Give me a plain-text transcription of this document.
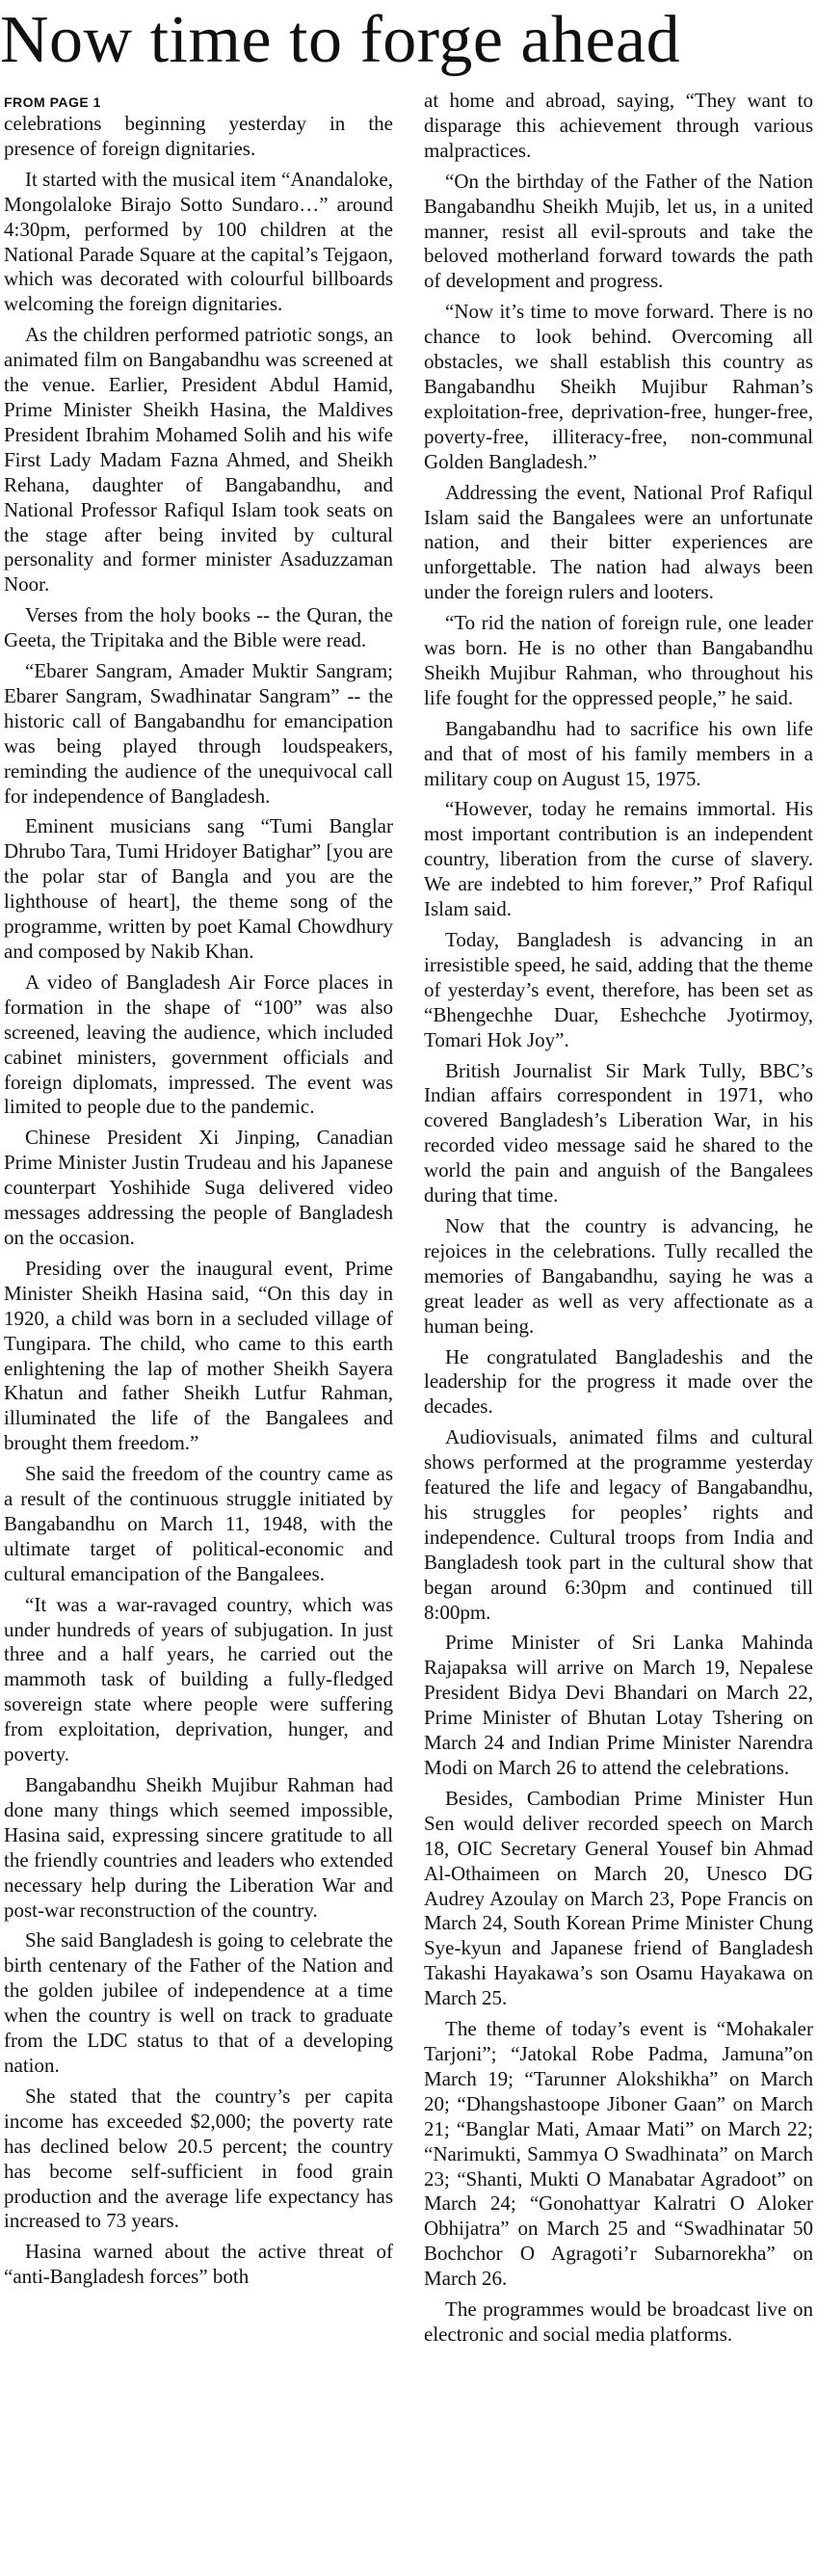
Now time to forge ahead
FROM PAGE 1

celebrations beginning yesterday in the presence of foreign dignitaries.

It started with the musical item “Anandaloke, Mongolaloke Birajo Sotto Sundaro…” around 4:30pm, performed by 100 children at the National Parade Square at the capital’s Tejgaon, which was decorated with colourful billboards welcoming the foreign dignitaries.

As the children performed patriotic songs, an animated film on Bangabandhu was screened at the venue. Earlier, President Abdul Hamid, Prime Minister Sheikh Hasina, the Maldives President Ibrahim Mohamed Solih and his wife First Lady Madam Fazna Ahmed, and Sheikh Rehana, daughter of Bangabandhu, and National Professor Rafiqul Islam took seats on the stage after being invited by cultural personality and former minister Asaduzzaman Noor.

Verses from the holy books -- the Quran, the Geeta, the Tripitaka and the Bible were read.

“Ebarer Sangram, Amader Muktir Sangram; Ebarer Sangram, Swadhinatar Sangram” -- the historic call of Bangabandhu for emancipation was being played through loudspeakers, reminding the audience of the unequivocal call for independence of Bangladesh.

Eminent musicians sang “Tumi Banglar Dhrubo Tara, Tumi Hridoyer Batighar” [you are the polar star of Bangla and you are the lighthouse of heart], the theme song of the programme, written by poet Kamal Chowdhury and composed by Nakib Khan.

A video of Bangladesh Air Force places in formation in the shape of “100” was also screened, leaving the audience, which included cabinet ministers, government officials and foreign diplomats, impressed. The event was limited to people due to the pandemic.

Chinese President Xi Jinping, Canadian Prime Minister Justin Trudeau and his Japanese counterpart Yoshihide Suga delivered video messages addressing the people of Bangladesh on the occasion.

Presiding over the inaugural event, Prime Minister Sheikh Hasina said, “On this day in 1920, a child was born in a secluded village of Tungipara. The child, who came to this earth enlightening the lap of mother Sheikh Sayera Khatun and father Sheikh Lutfur Rahman, illuminated the life of the Bangalees and brought them freedom.”

She said the freedom of the country came as a result of the continuous struggle initiated by Bangabandhu on March 11, 1948, with the ultimate target of political-economic and cultural emancipation of the Bangalees.

“It was a war-ravaged country, which was under hundreds of years of subjugation. In just three and a half years, he carried out the mammoth task of building a fully-fledged sovereign state where people were suffering from exploitation, deprivation, hunger, and poverty.

Bangabandhu Sheikh Mujibur Rahman had done many things which seemed impossible, Hasina said, expressing sincere gratitude to all the friendly countries and leaders who extended necessary help during the Liberation War and post-war reconstruction of the country.

She said Bangladesh is going to celebrate the birth centenary of the Father of the Nation and the golden jubilee of independence at a time when the country is well on track to graduate from the LDC status to that of a developing nation.

She stated that the country’s per capita income has exceeded $2,000; the poverty rate has declined below 20.5 percent; the country has become self-sufficient in food grain production and the average life expectancy has increased to 73 years.

Hasina warned about the active threat of “anti-Bangladesh forces” both

at home and abroad, saying, “They want to disparage this achievement through various malpractices.

“On the birthday of the Father of the Nation Bangabandhu Sheikh Mujib, let us, in a united manner, resist all evil-sprouts and take the beloved motherland forward towards the path of development and progress.

“Now it’s time to move forward. There is no chance to look behind. Overcoming all obstacles, we shall establish this country as Bangabandhu Sheikh Mujibur Rahman’s exploitation-free, deprivation-free, hunger-free, poverty-free, illiteracy-free, non-communal Golden Bangladesh.”

Addressing the event, National Prof Rafiqul Islam said the Bangalees were an unfortunate nation, and their bitter experiences are unforgettable. The nation had always been under the foreign rulers and looters.

“To rid the nation of foreign rule, one leader was born. He is no other than Bangabandhu Sheikh Mujibur Rahman, who throughout his life fought for the oppressed people,” he said.

Bangabandhu had to sacrifice his own life and that of most of his family members in a military coup on August 15, 1975.

“However, today he remains immortal. His most important contribution is an independent country, liberation from the curse of slavery. We are indebted to him forever,” Prof Rafiqul Islam said.

Today, Bangladesh is advancing in an irresistible speed, he said, adding that the theme of yesterday’s event, therefore, has been set as “Bhengechhe Duar, Eshechche Jyotirmoy, Tomari Hok Joy”.

British Journalist Sir Mark Tully, BBC’s Indian affairs correspondent in 1971, who covered Bangladesh’s Liberation War, in his recorded video message said he shared to the world the pain and anguish of the Bangalees during that time.

Now that the country is advancing, he rejoices in the celebrations. Tully recalled the memories of Bangabandhu, saying he was a great leader as well as very affectionate as a human being.

He congratulated Bangladeshis and the leadership for the progress it made over the decades.

Audiovisuals, animated films and cultural shows performed at the programme yesterday featured the life and legacy of Bangabandhu, his struggles for peoples’ rights and independence. Cultural troops from India and Bangladesh took part in the cultural show that began around 6:30pm and continued till 8:00pm.

Prime Minister of Sri Lanka Mahinda Rajapaksa will arrive on March 19, Nepalese President Bidya Devi Bhandari on March 22, Prime Minister of Bhutan Lotay Tshering on March 24 and Indian Prime Minister Narendra Modi on March 26 to attend the celebrations.

Besides, Cambodian Prime Minister Hun Sen would deliver recorded speech on March 18, OIC Secretary General Yousef bin Ahmad Al-Othaimeen on March 20, Unesco DG Audrey Azoulay on March 23, Pope Francis on March 24, South Korean Prime Minister Chung Sye-kyun and Japanese friend of Bangladesh Takashi Hayakawa’s son Osamu Hayakawa on March 25.

The theme of today’s event is “Mohakaler Tarjoni”; “Jatokal Robe Padma, Jamuna”on March 19; “Tarunner Alokshikha” on March 20; “Dhangshastoope Jiboner Gaan” on March 21; “Banglar Mati, Amaar Mati” on March 22; “Narimukti, Sammya O Swadhinata” on March 23; “Shanti, Mukti O Manabatar Agradoot” on March 24; “Gonohattyar Kalratri O Aloker Obhijatra” on March 25 and “Swadhinatar 50 Bochchor O Agragoti’r Subarnorekha” on March 26.

The programmes would be broadcast live on electronic and social media platforms.
